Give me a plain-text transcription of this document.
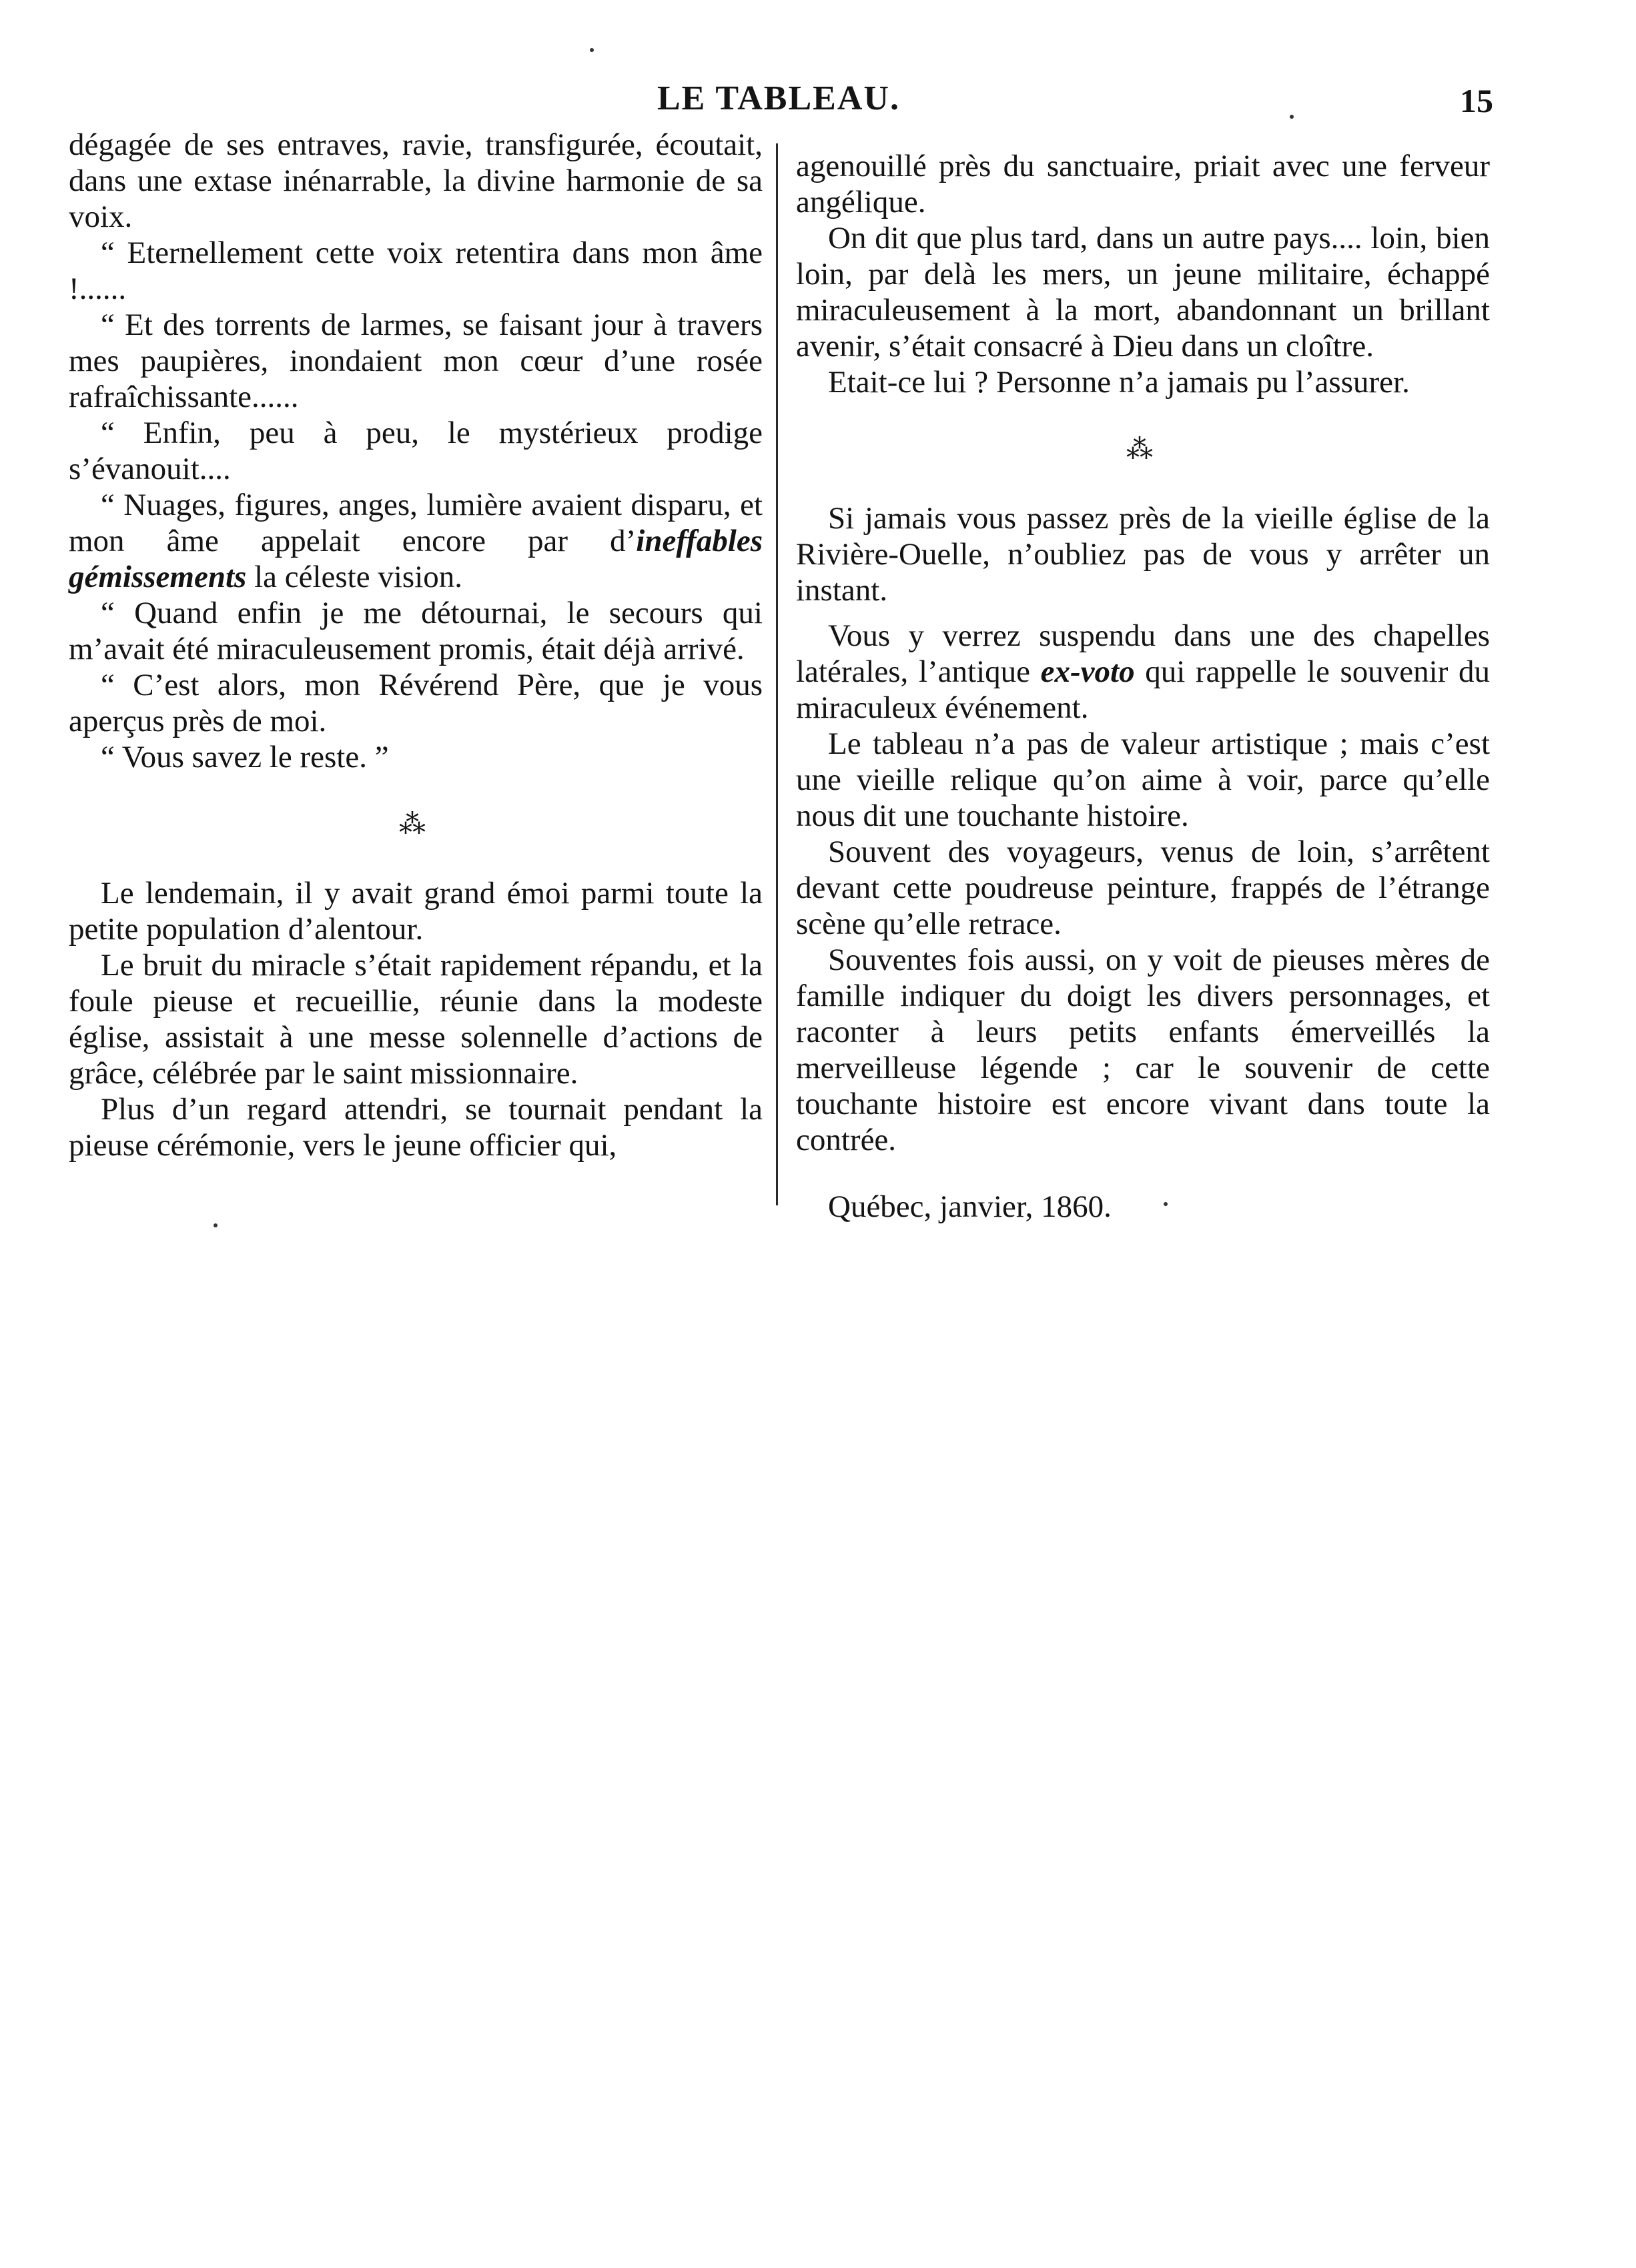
LE TABLEAU.	15

dégagée de ses entraves, ravie, transfigurée, écoutait, dans une extase inénarrable, la divine harmonie de sa voix.

“ Eternellement cette voix retentira dans mon âme !......

“ Et des torrents de larmes, se faisant jour à travers mes paupières, inondaient mon cœur d’une rosée rafraîchissante......

“ Enfin, peu à peu, le mystérieux prodige s’évanouit....

“ Nuages, figures, anges, lumière avaient disparu, et mon âme appelait encore par d’ineffables gémissements la céleste vision.

“ Quand enfin je me détournai, le secours qui m’avait été miraculeusement promis, était déjà arrivé.

“ C’est alors, mon Révérend Père, que je vous aperçus près de moi.

“ Vous savez le reste. ”

⁂

Le lendemain, il y avait grand émoi parmi toute la petite population d’alentour.

Le bruit du miracle s’était rapidement répandu, et la foule pieuse et recueillie, réunie dans la modeste église, assistait à une messe solennelle d’actions de grâce, célébrée par le saint missionnaire.

Plus d’un regard attendri, se tournait pendant la pieuse cérémonie, vers le jeune officier qui,

agenouillé près du sanctuaire, priait avec une ferveur angélique.

On dit que plus tard, dans un autre pays.... loin, bien loin, par delà les mers, un jeune militaire, échappé miraculeusement à la mort, abandonnant un brillant avenir, s’était consacré à Dieu dans un cloître.

Etait-ce lui ? Personne n’a jamais pu l’assurer.

⁂

Si jamais vous passez près de la vieille église de la Rivière-Ouelle, n’oubliez pas de vous y arrêter un instant.

Vous y verrez suspendu dans une des chapelles latérales, l’antique ex-voto qui rappelle le souvenir du miraculeux événement.

Le tableau n’a pas de valeur artistique ; mais c’est une vieille relique qu’on aime à voir, parce qu’elle nous dit une touchante histoire.

Souvent des voyageurs, venus de loin, s’arrêtent devant cette poudreuse peinture, frappés de l’étrange scène qu’elle retrace.

Souventes fois aussi, on y voit de pieuses mères de famille indiquer du doigt les divers personnages, et raconter à leurs petits enfants émerveillés la merveilleuse légende ; car le souvenir de cette touchante histoire est encore vivant dans toute la contrée.

Québec, janvier, 1860.
